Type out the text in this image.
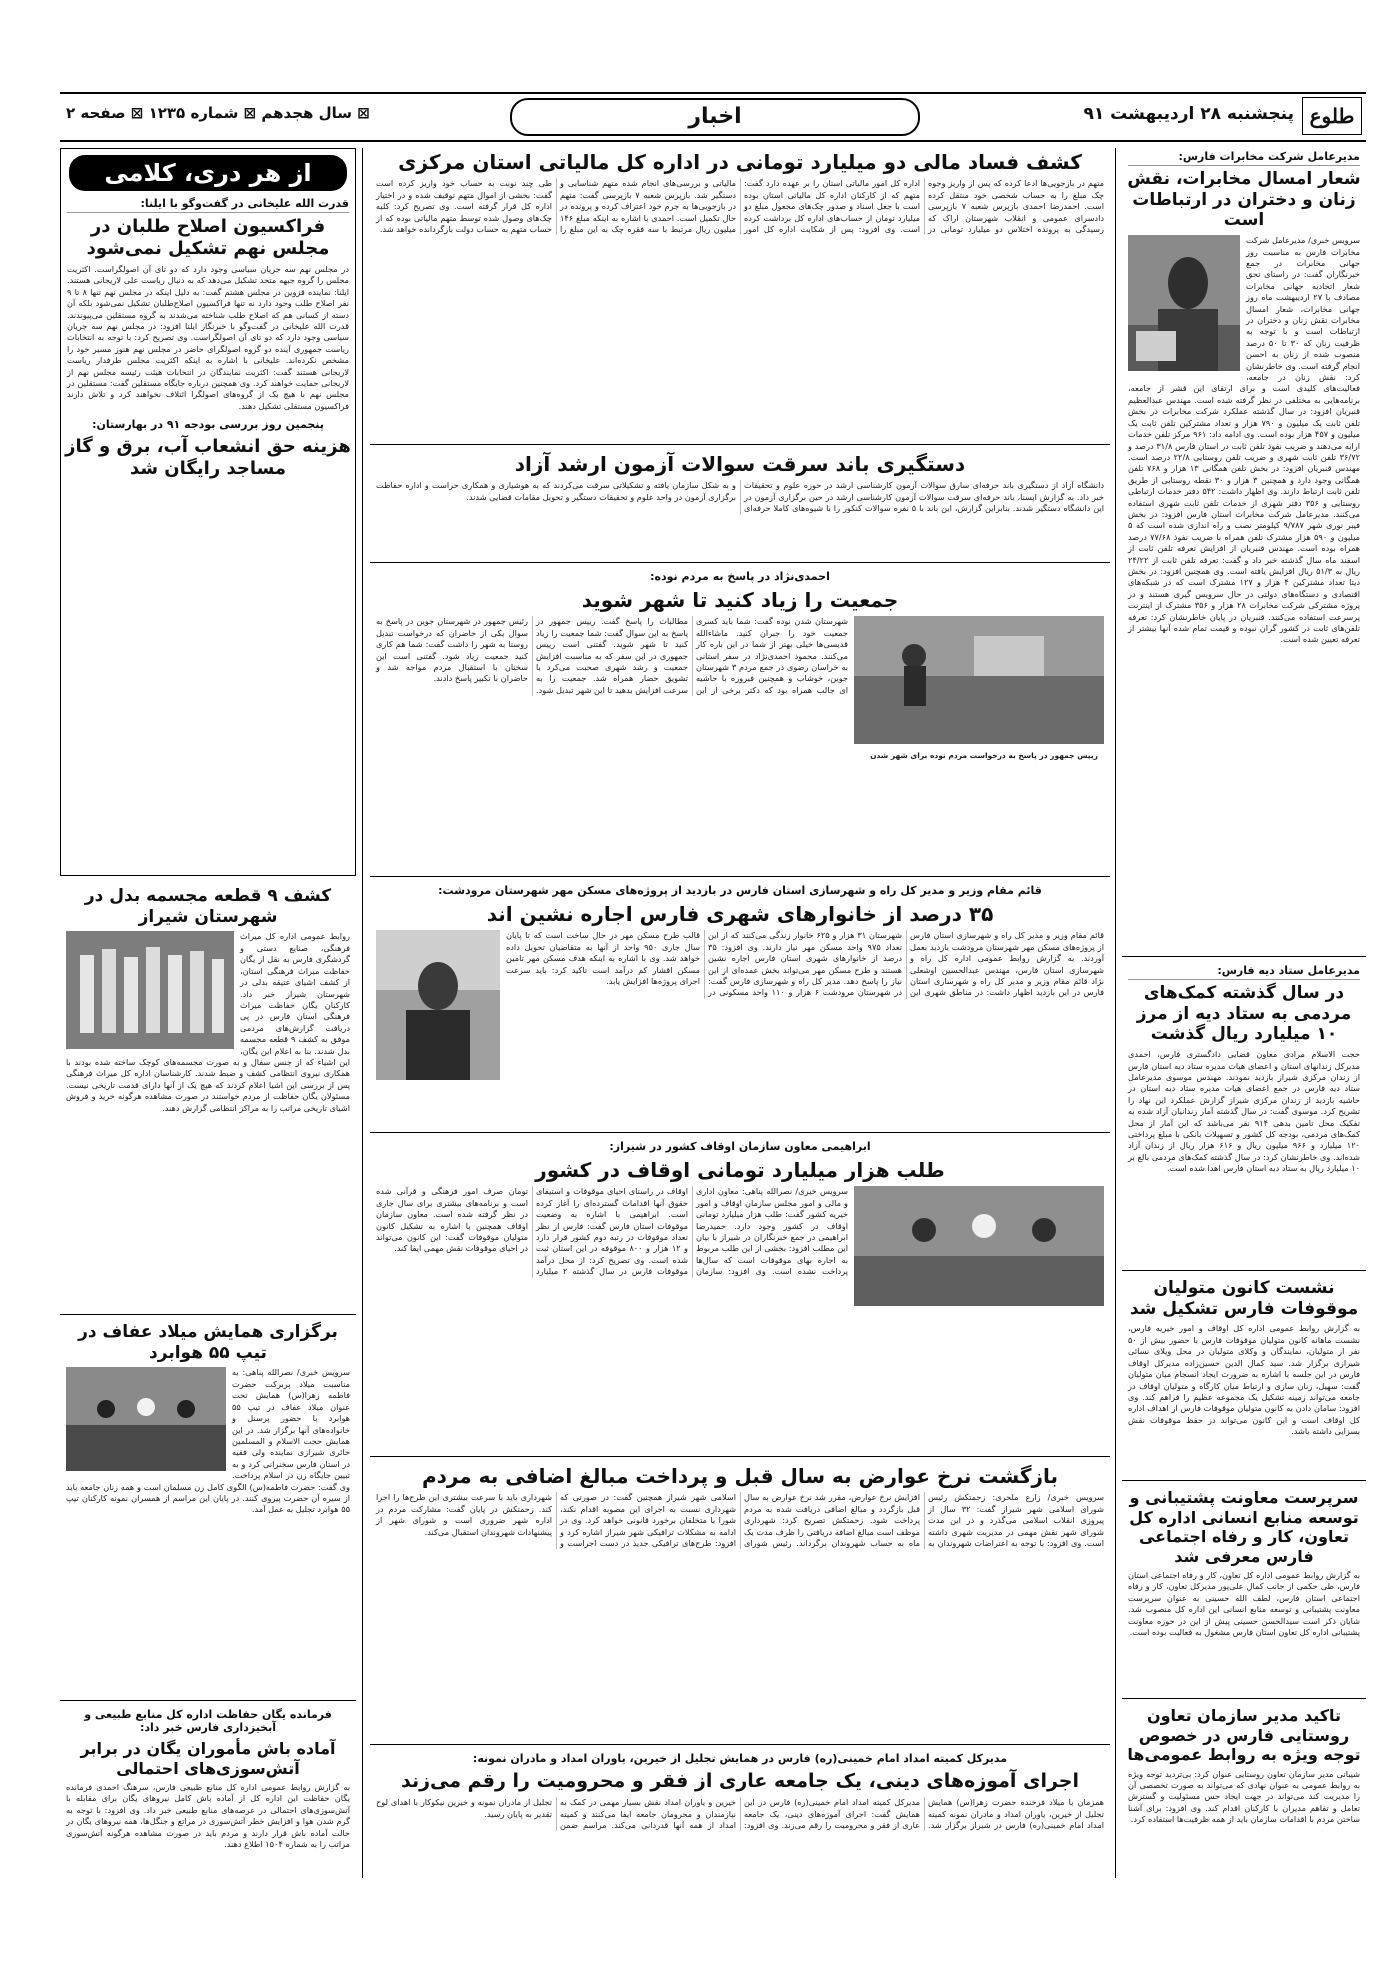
طلوع
پنجشنبه ۲۸ اردیبهشت ۹۱
اخبار
⊠ سال هجدهم ⊠ شماره ۱۲۳۵ ⊠ صفحه ۲
مدیرعامل شرکت مخابرات فارس:
شعار امسال مخابرات، نقش زنان و دختران در ارتباطات است
سرویس خبری/ مدیرعامل شرکت مخابرات فارس به مناسبت روز جهانی مخابرات در جمع خبرنگاران گفت: در راستای تحق شعار اتحادیه جهانی مخابرات مصادف با ۲۷ اردیبهشت ماه روز جهانی مخابرات، شعار امسال مخابرات نقش زنان و دختران در ارتباطات است و با توجه به ظرفیت زنان که ۳۰ تا ۵۰ درصد منصوب شده از زنان به احسن انجام گرفته است. وی خاطرنشان کرد: نقش زنان در جامعه، فعالیت‌های کلیدی است و برای ارتقای این قشر از جامعه، برنامه‌هایی به مختلفی در نظر گرفته شده است. مهندس عبدالعظیم قنبریان افزود: در سال گذشته عملکرد شرکت مخابرات در بخش تلفن ثابت یک میلیون و ۷۹۰ هزار و تعداد مشترکین تلفن ثابت یک میلیون و ۴۵۷ هزار بوده است. وی ادامه داد: ۹۶۱ مرکز تلفن خدمات ارایه می‌دهند و ضریب نفوذ تلفن ثابت در استان فارس ۳۱/۸ درصد و ۳۶/۷۲ تلفن ثابت شهری و ضریب تلفن روستایی ۲۲/۸ درصد است. مهندس قنبریان افزود: در بخش تلفن همگانی ۱۳ هزار و ۷۶۸ تلفن همگانی وجود دارد و همچنین ۳ هزار و ۳۰ نقطه روستایی از طریق تلفن ثابت ارتباط دارند. وی اظهار داشت: ۵۴۲ دفتر خدمات ارتباطی روستایی و ۳۵۶ دفتر شهری از خدمات تلفن ثابت شهری استفاده می‌کنند. مدیرعامل شرکت مخابرات استان فارس افزود: در بخش فیبر نوری شهر ۹/۷۸۷ کیلومتر نصب و راه اندازی شده است که ۵ میلیون و ۵۹۰ هزار مشترک تلفن همراه با ضریب نفوذ ۷۷/۶۸ درصد همراه بوده است. مهندس قنبریان از افزایش تعرفه تلفن ثابت از اسفند ماه سال گذشته خبر داد و گفت: تعرفه تلفن ثابت از ۲۴/۲۲ ریال به ۵۱/۳ ریال افزایش یافته است. وی همچنین افزود: در بخش دیتا تعداد مشترکین ۴ هزار و ۱۲۷ مشترک است که در شبکه‌های اقتصادی و دستگاه‌های دولتی در حال سرویس گیری هستند و در پروژه مشترکی شرکت مخابرات ۲۸ هزار و ۳۵۶ مشترک از اینترنت پرسرعت استفاده می‌کنند. قنبریان در پایان خاطرنشان کرد: تعرفه تلفن‌های ثابت در کشور گران نبوده و قیمت تمام شده آنها بیشتر از تعرفه تعیین شده است.
مدیرعامل ستاد دیه فارس:
در سال گذشته کمک‌های مردمی به ستاد دیه از مرز ۱۰ میلیارد ریال گذشت
حجت الاسلام مرادی معاون قضایی دادگستری فارس، احمدی مدیرکل زندانهای استان و اعضای هیات مدیره ستاد دیه استان فارس از زندان مرکزی شیراز بازدید نمودند. مهندس موسوی مدیرعامل ستاد دیه فارس در جمع اعضای هیات مدیره ستاد دیه استان در حاشیه بازدید از زندان مرکزی شیراز گزارش عملکرد این نهاد را تشریح کرد. موسوی گفت: در سال گذشته آمار زندانیان آزاد شده به تفکیک محل تامین بدهی ۹۱۴ نفر می‌باشد که این آمار از محل کمک‌های مردمی، بودجه کل کشور و تسهیلات بانکی با مبلغ پرداختی ۱۲۰ میلیارد و ۹۶۶ میلیون ریال و ۶۱۶ هزار ریال از زندان آزاد شده‌اند. وی خاطرنشان کرد: در سال گذشته کمک‌های مردمی بالغ بر ۱۰ میلیارد ریال به ستاد دیه استان فارس اهدا شده است.
نشست کانون متولیان موقوفات فارس تشکیل شد
به گزارش روابط عمومی اداره کل اوقاف و امور خیریه فارس، نشست ماهانه کانون متولیان موقوفات فارس با حضور بیش از ۵۰ نفر از متولیان، نمایندگان و وکلای متولیان در محل ویلای نسائی شیرازی برگزار شد. سید کمال الدین حسین‌زاده مدیرکل اوقاف فارس در این جلسه با اشاره به ضرورت ایجاد انسجام میان متولیان گفت: سهیل، زنان سازی و ارتباط میان کارگاه و متولیان اوقاف در جامعه می‌تواند زمینه تشکیل یک مجموعه عظیم را فراهم کند. وی افزود: سامان دادن به کانون متولیان موقوفات فارس از اهداف اداره کل اوقاف است و این کانون می‌تواند در حفظ موقوفات نقش بسزایی داشته باشد.
سرپرست معاونت پشتیبانی و توسعه منابع انسانی اداره کل تعاون، کار و رفاه اجتماعی فارس معرفی شد
به گزارش روابط عمومی اداره کل تعاون، کار و رفاه اجتماعی استان فارس، طی حکمی از جانب کمال علی‌پور مدیرکل تعاون، کار و رفاه اجتماعی استان فارس، لطف الله حسینی به عنوان سرپرست معاونت پشتیبانی و توسعه منابع انسانی این اداره کل منصوب شد. شایان ذکر است سید‌الحسن حسینی پیش از این در حوزه معاونت پشتیبانی اداره کل تعاون استان فارس مشغول به فعالیت بوده است.
تاکید مدیر سازمان تعاون روستایی فارس در خصوص توجه ویژه به روابط عمومی‌ها
شیبانی مدیر سازمان تعاون روستایی عنوان کرد: بی‌تردید توجه ویژه به روابط عمومی به عنوان نهادی که می‌تواند به صورت تخصصی آن را مدیریت کند می‌تواند در جهت ایجاد حس مسئولیت و گسترش تعامل و تفاهم مدیران با کارکنان اقدام کند. وی افزود: برای آشنا ساختن مردم با اقدامات سازمان باید از همه ظرفیت‌ها استفاده کرد.
کشف فساد مالی دو میلیارد تومانی در اداره کل مالیاتی استان مرکزی
متهم در بازجویی‌ها ادعا کرده که پس از واریز وجوه چک مبلغ را به حساب شخصی خود منتقل کرده است. احمدرضا احمدی بازپرس شعبه ۷ بازپرسی دادسرای عمومی و انقلاب شهرستان اراک که رسیدگی به پرونده اختلاس دو میلیارد تومانی در اداره کل امور مالیاتی استان را بر عهده دارد گفت: متهم که از کارکنان اداره کل مالیاتی استان بوده است با جعل اسناد و صدور چک‌های مجعول مبلغ دو میلیارد تومان از حساب‌های اداره کل برداشت کرده است. وی افزود: پس از شکایت اداره کل امور مالیاتی و بررسی‌های انجام شده متهم شناسایی و دستگیر شد. بازپرس شعبه ۷ بازپرسی گفت: متهم در بازجویی‌ها به جرم خود اعتراف کرده و پرونده در حال تکمیل است. احمدی با اشاره به اینکه مبلغ ۱۴۶ میلیون ریال مرتبط با سه فقره چک به این مبلغ را طی چند نوبت به حساب خود واریز کرده است گفت: بخشی از اموال متهم توقیف شده و در اختیار اداره کل قرار گرفته است. وی تصریح کرد: کلیه چک‌های وصول شده توسط متهم مالیاتی بوده که از حساب متهم به حساب دولت بازگردانده خواهد شد.
دستگیری باند سرقت سوالات آزمون ارشد آزاد
دانشگاه آزاد از دستگیری باند حرفه‌ای سارق سوالات آزمون کارشناسی ارشد در حوزه علوم و تحقیقات خبر داد. به گزارش ایسنا، باند حرفه‌ای سرقت سوالات آزمون کارشناسی ارشد در حین برگزاری آزمون در این دانشگاه دستگیر شدند. بنابراین گزارش، این باند با ۵ نفره سوالات کنکور را با شیوه‌های کاملا حرفه‌ای و به شکل سازمان یافته و تشکیلاتی سرقت می‌کردند که به هوشیاری و همکاری حراست و اداره حفاظت برگزاری آزمون در واحد علوم و تحقیقات دستگیر و تحویل مقامات قضایی شدند.
احمدی‌نژاد در پاسخ به مردم نوده:
جمعیت را زیاد کنید تا شهر شوید
رییس جمهور در پاسخ به درخواست مردم نوده برای شهر شدن
شهرستان شدن نوده گفت: شما باید کسری جمعیت خود را جبران کنید. ماشاءالله قدیسی‌ها خیلی بهتر از شما در این باره کار می‌کنند. محمود احمدی‌نژاد در سفر استانی به خراسان رضوی در جمع مردم ۳ شهرستان جوین، خوشاب و همچنین فیروزه با حاشیه ای جالب همراه بود که دکتر برخی از این مطالبات را پاسخ گفت. رییس جمهور در پاسخ به این سوال گفت: شما جمعیت را زیاد کنید تا شهر شوید. گفتنی است رییس جمهوری در این سفر که به مناسبت افزایش جمعیت و رشد شهری صحبت می‌کرد با تشویق حضار همراه شد. جمعیت را به سرعت افزایش بدهید تا این شهر تبدیل شود. رئیس جمهور در شهرستان جوین در پاسخ به سوال یکی از حاضران که درخواست تبدیل روستا به شهر را داشت گفت: شما هم کاری کنید جمعیت زیاد شود. گفتنی است این سخنان با استقبال مردم مواجه شد و حاضران با تکبیر پاسخ دادند.
قائم مقام وزیر و مدیر کل راه و شهرسازی استان فارس در بازدید از پروژه‌های مسکن مهر شهرستان مرودشت:
۳۵ درصد از خانوارهای شهری فارس اجاره نشین اند
قائم مقام وزیر و مدیر کل راه و شهرسازی استان فارس از پروژه‌های مسکن مهر شهرستان مرودشت بازدید بعمل آوردند. به گزارش روابط عمومی اداره کل راه و شهرسازی استان فارس، مهندس عبدالحسین اوشعلی نژاد قائم مقام وزیر و مدیر کل راه و شهرسازی استان فارس در این بازدید اظهار داشت: در مناطق شهری این شهرستان ۳۱ هزار و ۶۲۵ خانوار زندگی می‌کنند که از این تعداد ۹۷۵ واحد مسکن مهر نیاز دارند. وی افزود: ۳۵ درصد از خانوارهای شهری استان فارس اجاره نشین هستند و طرح مسکن مهر می‌تواند بخش عمده‌ای از این نیاز را پاسخ دهد. مدیر کل راه و شهرسازی فارس گفت: در شهرستان مرودشت ۶ هزار و ۱۱۰ واحد مسکونی در قالب طرح مسکن مهر در حال ساخت است که تا پایان سال جاری ۹۵۰ واحد از آنها به متقاضیان تحویل داده خواهد شد. وی با اشاره به اینکه هدف مسکن مهر تامین مسکن اقشار کم درآمد است تاکید کرد: باید سرعت اجرای پروژه‌ها افزایش یابد.
ابراهیمی معاون سازمان اوقاف کشور در شیراز:
طلب هزار میلیارد تومانی اوقاف در کشور
سرویس خبری/ نصرالله پناهی: معاون اداری و مالی و امور مجلس سازمان اوقاف و امور خیریه کشور گفت: طلب هزار میلیارد تومانی اوقاف در کشور وجود دارد. حمیدرضا ابراهیمی در جمع خبرنگاران در شیراز با بیان این مطلب افزود: بخشی از این طلب مربوط به اجاره بهای موقوفات است که سال‌ها پرداخت نشده است. وی افزود: سازمان اوقاف در راستای احیای موقوفات و استیفای حقوق آنها اقدامات گسترده‌ای را آغاز کرده است. ابراهیمی با اشاره به وضعیت موقوفات استان فارس گفت: فارس از نظر تعداد موقوفات در رتبه دوم کشور قرار دارد و ۱۲ هزار و ۸۰۰ موقوفه در این استان ثبت شده است. وی تصریح کرد: از محل درآمد موقوفات فارس در سال گذشته ۲ میلیارد تومان صرف امور فرهنگی و قرآنی شده است و برنامه‌های بیشتری برای سال جاری در نظر گرفته شده است. معاون سازمان اوقاف همچنین با اشاره به تشکیل کانون متولیان موقوفات گفت: این کانون می‌تواند در احیای موقوفات نقش مهمی ایفا کند.
بازگشت نرخ عوارض به سال قبل و پرداخت مبالغ اضافی به مردم
سرویس خبری/ زارع ملحری: زحمتکش رئیس شورای اسلامی شهر شیراز گفت: ۳۲ سال از پیروزی انقلاب اسلامی می‌گذرد و در این مدت شورای شهر نقش مهمی در مدیریت شهری داشته است. وی افزود: با توجه به اعتراضات شهروندان به افزایش نرخ عوارض، مقرر شد نرخ عوارض به سال قبل بازگردد و مبالغ اضافی دریافت شده به مردم پرداخت شود. زحمتکش تصریح کرد: شهرداری موظف است مبالغ اضافه دریافتی را ظرف مدت یک ماه به حساب شهروندان برگرداند. رئیس شورای اسلامی شهر شیراز همچنین گفت: در صورتی که شهرداری نسبت به اجرای این مصوبه اقدام نکند، شورا با متخلفان برخورد قانونی خواهد کرد. وی در ادامه به مشکلات ترافیکی شهر شیراز اشاره کرد و افزود: طرح‌های ترافیکی جدید در دست اجراست و شهرداری باید با سرعت بیشتری این طرح‌ها را اجرا کند. زحمتکش در پایان گفت: مشارکت مردم در اداره شهر ضروری است و شورای شهر از پیشنهادات شهروندان استقبال می‌کند.
مدیرکل کمیته امداد امام خمینی(ره) فارس در همایش تجلیل از خیرین، یاوران امداد و مادران نمونه:
اجرای آموزه‌های دینی، یک جامعه عاری از فقر و محرومیت را رقم می‌زند
همزمان با میلاد فرخنده حضرت زهرا(س) همایش تجلیل از خیرین، یاوران امداد و مادران نمونه کمیته امداد امام خمینی(ره) فارس در شیراز برگزار شد. مدیرکل کمیته امداد امام خمینی(ره) فارس در این همایش گفت: اجرای آموزه‌های دینی، یک جامعه عاری از فقر و محرومیت را رقم می‌زند. وی افزود: خیرین و یاوران امداد نقش بسیار مهمی در کمک به نیازمندان و محرومان جامعه ایفا می‌کنند و کمیته امداد از همه آنها قدردانی می‌کند. مراسم ضمن تجلیل از مادران نمونه و خیرین نیکوکار با اهدای لوح تقدیر به پایان رسید.
از هر دری، کلامی
قدرت الله علیخانی در گفت‌وگو با ایلنا:
فراکسیون اصلاح طلبان در مجلس نهم تشکیل نمی‌شود
در مجلس نهم سه جریان سیاسی وجود دارد که دو تای آن اصولگراست. اکثریت مجلس را گروه جبهه متحد تشکیل می‌دهد که به دنبال ریاست علی لاریجانی هستند. ایلنا: نماینده قزوین در مجلس هشتم گفت: به دلیل اینکه در مجلس نهم تنها ۸ تا ۹ نفر اصلاح طلب وجود دارد نه تنها فراکسیون اصلاح‌طلبان تشکیل نمی‌شود بلکه آن دسته از کسانی هم که اصلاح طلب شناخته می‌شدند به گروه مستقلین می‌پیوندند. قدرت الله علیخانی در گفت‌وگو با خبرنگار ایلنا افزود: در مجلس نهم سه جریان سیاسی وجود دارد که دو تای آن اصولگراست. وی تصریح کرد: با توجه به انتخابات ریاست جمهوری آینده دو گروه اصولگرای حاضر در مجلس نهم هنوز مسیر خود را مشخص نکرده‌اند. علیخانی با اشاره به اینکه اکثریت مجلس طرفدار ریاست لاریجانی هستند گفت: اکثریت نمایندگان در انتخابات هیئت رئیسه مجلس نهم از لاریجانی حمایت خواهند کرد. وی همچنین درباره جایگاه مستقلین گفت: مستقلین در مجلس نهم با هیچ یک از گروه‌های اصولگرا ائتلاف نخواهند کرد و تلاش دارند فراکسیون مستقلی تشکیل دهند.
پنجمین روز بررسی بودجه ۹۱ در بهارستان:
هزینه حق انشعاب آب، برق و گاز مساجد رایگان شد
کشف ۹ قطعه مجسمه بدل در شهرستان شیراز
روابط عمومی اداره کل میراث فرهنگی، صنایع دستی و گردشگری فارس به نقل از یگان حفاظت میراث فرهنگی استان، از کشف اشیای عتیقه بدلی در شهرستان شیراز خبر داد. کارکنان یگان حفاظت میراث فرهنگی استان فارس در پی دریافت گزارش‌های مردمی موفق به کشف ۹ قطعه مجسمه بدل شدند. بنا به اعلام این یگان، این اشیاء که از جنس سفال و به صورت مجسمه‌های کوچک ساخته شده بودند با همکاری نیروی انتظامی کشف و ضبط شدند. کارشناسان اداره کل میراث فرهنگی پس از بررسی این اشیا اعلام کردند که هیچ یک از آنها دارای قدمت تاریخی نیست. مسئولان یگان حفاظت از مردم خواستند در صورت مشاهده هرگونه خرید و فروش اشیای تاریخی مراتب را به مراکز انتظامی گزارش دهند.
برگزاری همایش میلاد عفاف در تیپ ۵۵ هوابرد
سرویس خبری/ نصرالله پناهی: به مناسبت میلاد پربرکت حضرت فاطمه زهرا(س) همایش تحت عنوان میلاد عفاف در تیپ ۵۵ هوابرد با حضور پرسنل و خانواده‌های آنها برگزار شد. در این همایش حجت الاسلام و المسلمین حائری شیرازی نماینده ولی فقیه در استان فارس سخنرانی کرد و به تبیین جایگاه زن در اسلام پرداخت. وی گفت: حضرت فاطمه(س) الگوی کامل زن مسلمان است و همه زنان جامعه باید از سیره آن حضرت پیروی کنند. در پایان این مراسم از همسران نمونه کارکنان تیپ ۵۵ هوابرد تجلیل به عمل آمد.
فرمانده یگان حفاظت اداره کل منابع طبیعی و آبخیزداری فارس خبر داد:
آماده باش مأموران یگان در برابر آتش‌سوزی‌های احتمالی
به گزارش روابط عمومی اداره کل منابع طبیعی فارس، سرهنگ احمدی فرمانده یگان حفاظت این اداره کل از آماده باش کامل نیروهای یگان برای مقابله با آتش‌سوزی‌های احتمالی در عرصه‌های منابع طبیعی خبر داد. وی افزود: با توجه به گرم شدن هوا و افزایش خطر آتش‌سوزی در مراتع و جنگل‌ها، همه نیروهای یگان در حالت آماده باش قرار دارند و مردم باید در صورت مشاهده هرگونه آتش‌سوزی مراتب را به شماره ۱۵۰۴ اطلاع دهند.
